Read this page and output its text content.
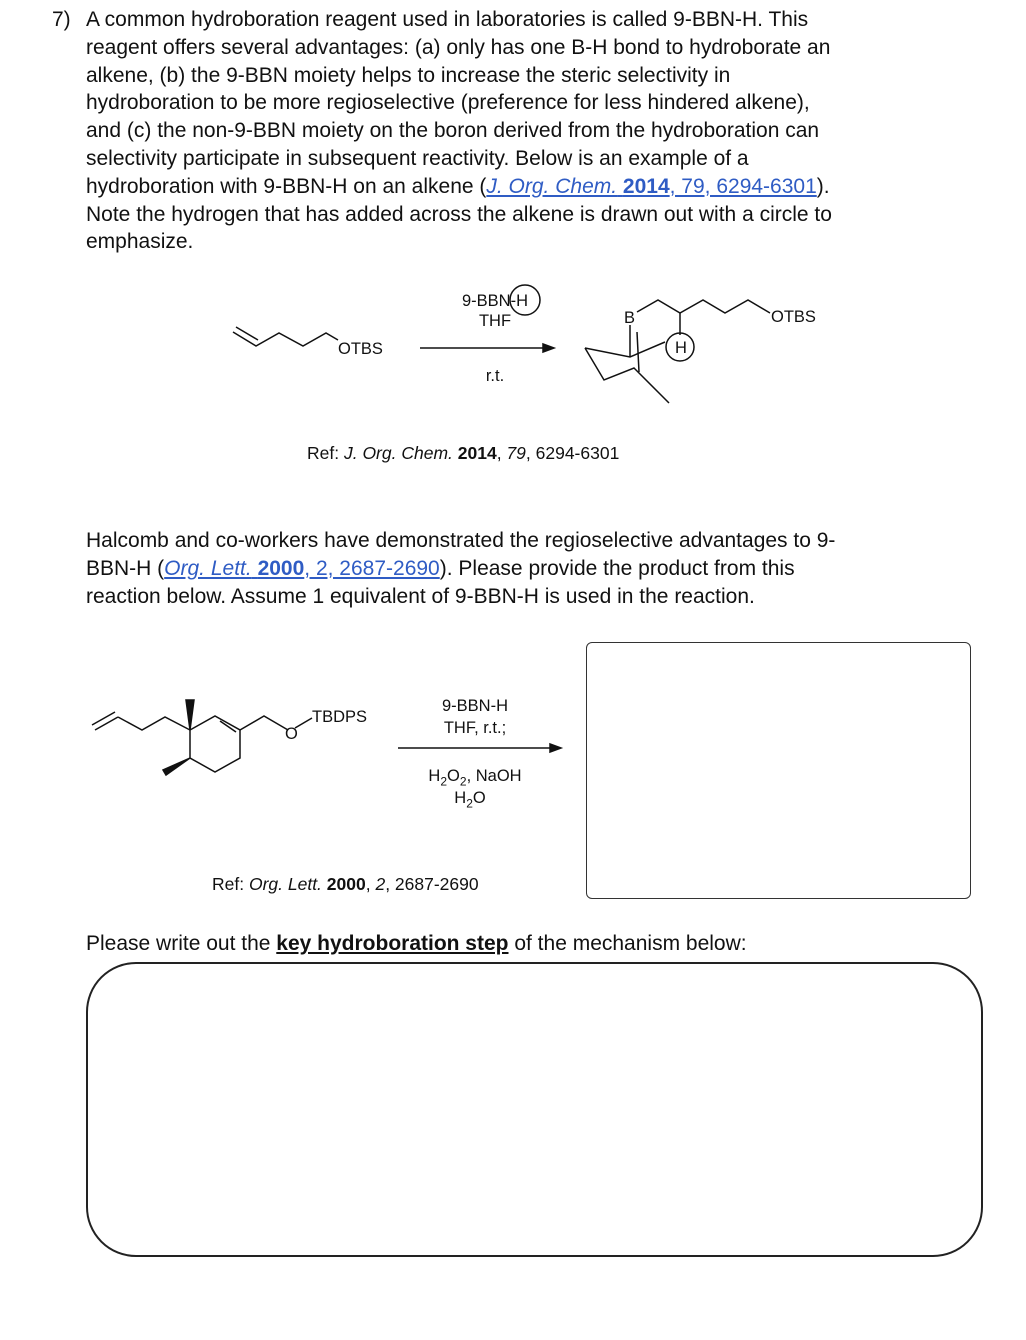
7) A common hydroboration reagent used in laboratories is called 9-BBN-H. This
reagent offers several advantages: (a) only has one B-H bond to hydroborate an
alkene, (b) the 9-BBN moiety helps to increase the steric selectivity in
hydroboration to be more regioselective (preference for less hindered alkene),
and (c) the non-9-BBN moiety on the boron derived from the hydroboration can
selectivity participate in subsequent reactivity. Below is an example of a
hydroboration with 9-BBN-H on an alkene (J. Org. Chem. 2014, 79, 6294-6301).
Note the hydrogen that has added across the alkene is drawn out with a circle to
emphasize.
OTBS
9-BBN-H
THF
r.t.
B	OTBS
H
Ref: J. Org. Chem. 2014, 79, 6294-6301
Halcomb and co-workers have demonstrated the regioselective advantages to 9-
BBN-H (Org. Lett. 2000, 2, 2687-2690). Please provide the product from this
reaction below. Assume 1 equivalent of 9-BBN-H is used in the reaction.
O
TBDPS
9-BBN-H
THF, r.t.;
$H_2O_2$, NaOH
$H_2O$
Ref: Org. Lett. 2000, 2, 2687-2690
Please write out the key hydroboration step of the mechanism below:
